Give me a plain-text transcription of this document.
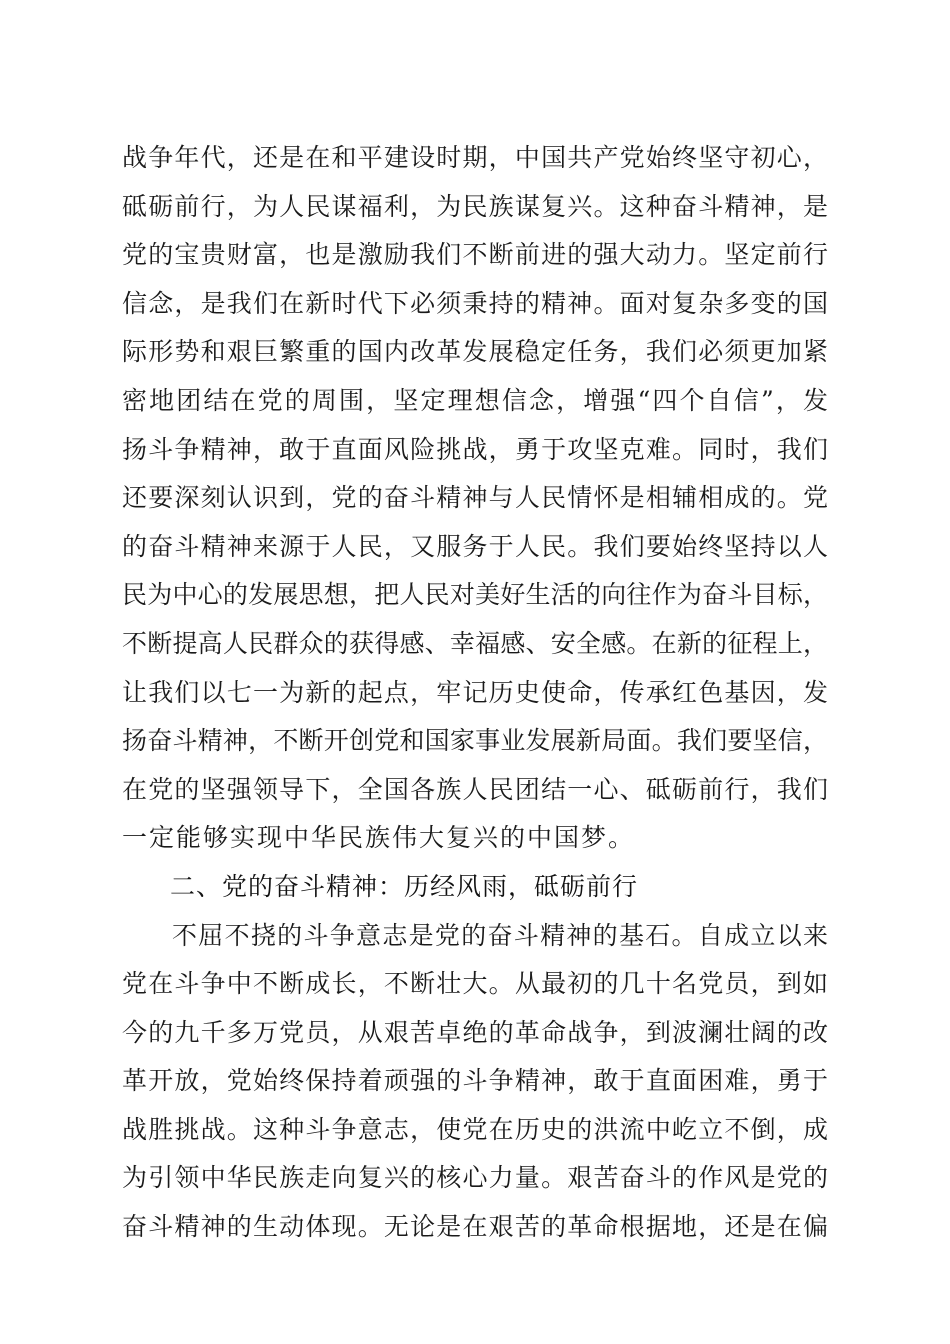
战争年代，还是在和平建设时期，中国共产党始终坚守初心，
砥砺前行，为人民谋福利，为民族谋复兴。这种奋斗精神，是
党的宝贵财富，也是激励我们不断前进的强大动力。坚定前行
信念，是我们在新时代下必须秉持的精神。面对复杂多变的国
际形势和艰巨繁重的国内改革发展稳定任务，我们必须更加紧
密地团结在党的周围，坚定理想信念，增强“四个自信”，发
扬斗争精神，敢于直面风险挑战，勇于攻坚克难。同时，我们
还要深刻认识到，党的奋斗精神与人民情怀是相辅相成的。党
的奋斗精神来源于人民，又服务于人民。我们要始终坚持以人
民为中心的发展思想，把人民对美好生活的向往作为奋斗目标，
不断提高人民群众的获得感、幸福感、安全感。在新的征程上，
让我们以七一为新的起点，牢记历史使命，传承红色基因，发
扬奋斗精神，不断开创党和国家事业发展新局面。我们要坚信，
在党的坚强领导下，全国各族人民团结一心、砥砺前行，我们
一定能够实现中华民族伟大复兴的中国梦。
二、党的奋斗精神：历经风雨，砥砺前行
不屈不挠的斗争意志是党的奋斗精神的基石。自成立以来
党在斗争中不断成长，不断壮大。从最初的几十名党员，到如
今的九千多万党员，从艰苦卓绝的革命战争，到波澜壮阔的改
革开放，党始终保持着顽强的斗争精神，敢于直面困难，勇于
战胜挑战。这种斗争意志，使党在历史的洪流中屹立不倒，成
为引领中华民族走向复兴的核心力量。艰苦奋斗的作风是党的
奋斗精神的生动体现。无论是在艰苦的革命根据地，还是在偏
